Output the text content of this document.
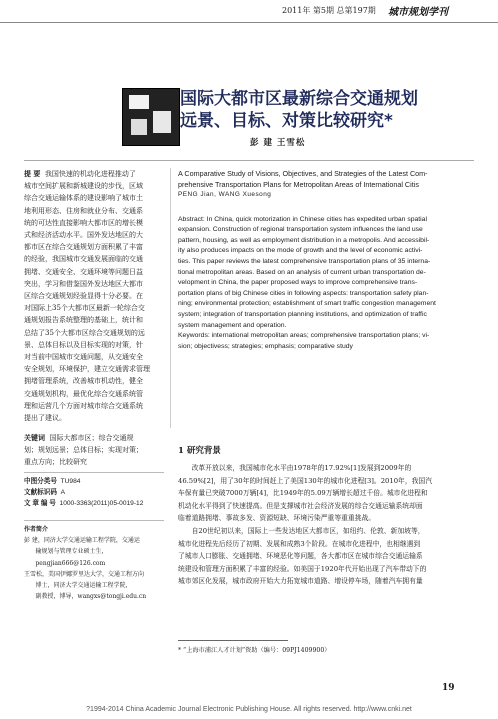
2011年 第5期 总第197期 城市规划学刊
国际大都市区最新综合交通规划
远景、目标、对策比较研究*
彭 建 王雪松
提 要 我国快速的机动化进程推动了
城市空间扩展和新城建设的步伐，区域
综合交通运输体系的建设影响了城市土
地利用形态、住房和就业分布、交通系
统的可达性直接影响大都市区的增长模
式和经济活动水平。国外发达地区的大
都市区在综合交通规划方面积累了丰富
的经验，我国城市交通发展面临的交通
拥堵、交通安全、交通环境等问题日益
突出，学习和借鉴国外发达地区大都市
区综合交通规划经验显得十分必要。在
对国际上35个大都市区最新一轮综合交
通规划报告系统整理的基础上，统计和
总结了35个大都市区综合交通规划的远
景、总体目标以及目标实现的对策，针
对当前中国城市交通问题，从交通安全
安全规划，环境保护，建立交通需求管理
拥堵管理系统，改善城市机动性，健全
交通规划机构，最优化综合交通系统管
理和运营几个方面对城市综合交通系统
提出了建议。
关键词 国际大都市区；综合交通规
划；规划远景；总体目标；实现对策；
重点方向；比较研究
中图分类号 TU984
文献标识码 A
文 章 编 号 1000-3363(2011)05-0019-12
作者简介
彭 建，同济大学交通运输工程学院，交通运
输规划与管理专业硕士生，
pengjian666@126.com
王雪松，美国伊娜罗里达大学，交通工程方向
博士，同济大学交通运输工程学院，
副教授，博导，wangxs@tongji.edu.cn
A Comparative Study of Visions, Objectives, and Strategies of the Latest Com-
prehensive Transportation Plans for Metropolitan Areas of International Citis
PENG Jian, WANG Xuesong
Abstract: In China, quick motorization in Chinese cities has expedited urban spatial
expansion. Construction of regional transportation system influences the land use
pattern, housing, as well as employment distribution in a metropolis. And accessibil-
ity also produces impacts on the mode of growth and the level of economic activi-
ties. This paper reviews the latest comprehensive transportation plans of 35 interna-
tional metropolitan areas. Based on an analysis of current urban transportation de-
velopment in China, the paper proposed ways to improve comprehensive trans-
portation plans of big Chinese cities in following aspects: transportation safety plan-
ning; environmental protection; establishment of smart traffic congestion management
system; integration of transportation planning institutions, and optimization of traffic
system management and operation.
Keywords: international metropolitan areas; comprehensive transportation plans; vi-
sion; objectivess; strategies; emphasis; comparative study
1 研究背景
改革开放以来，我国城市化水平由1978年的17.92%[1]发展到2009年的
46.59%[2]，用了30年的时间赶上了美国130年的城市化进程[3]。2010年，我国汽
车保有量已突破7000万辆[4]，比1949年的5.09万辆增长超过千倍。城市化进程和
机动化水平得到了快速提高。但是支撑城市社会经济发展的综合交通运输系统却面
临着道路拥堵、事故多发、资源短缺、环境污染严重等重重挑战。
自20世纪初以来，国际上一些发达地区大都市区，如纽约、伦敦、新加坡等，
城市化进程先后经历了初期、发展和成熟3个阶段。在城市化进程中，也相继遇到
了城市人口膨胀、交通拥堵、环境恶化等问题，各大都市区在城市综合交通运输系
统建设和管理方面积累了丰富的经验。如美国于1920年代开始出现了汽车带动下的
城市郊区化发展，城市政府开始大力拓宽城市道路、增设停车场，随着汽车拥有量
* “上海市浦江人才计划”资助（编号：09PJ1409900）
19
?1994-2014 China Academic Journal Electronic Publishing House. All rights reserved. http://www.cnki.net
